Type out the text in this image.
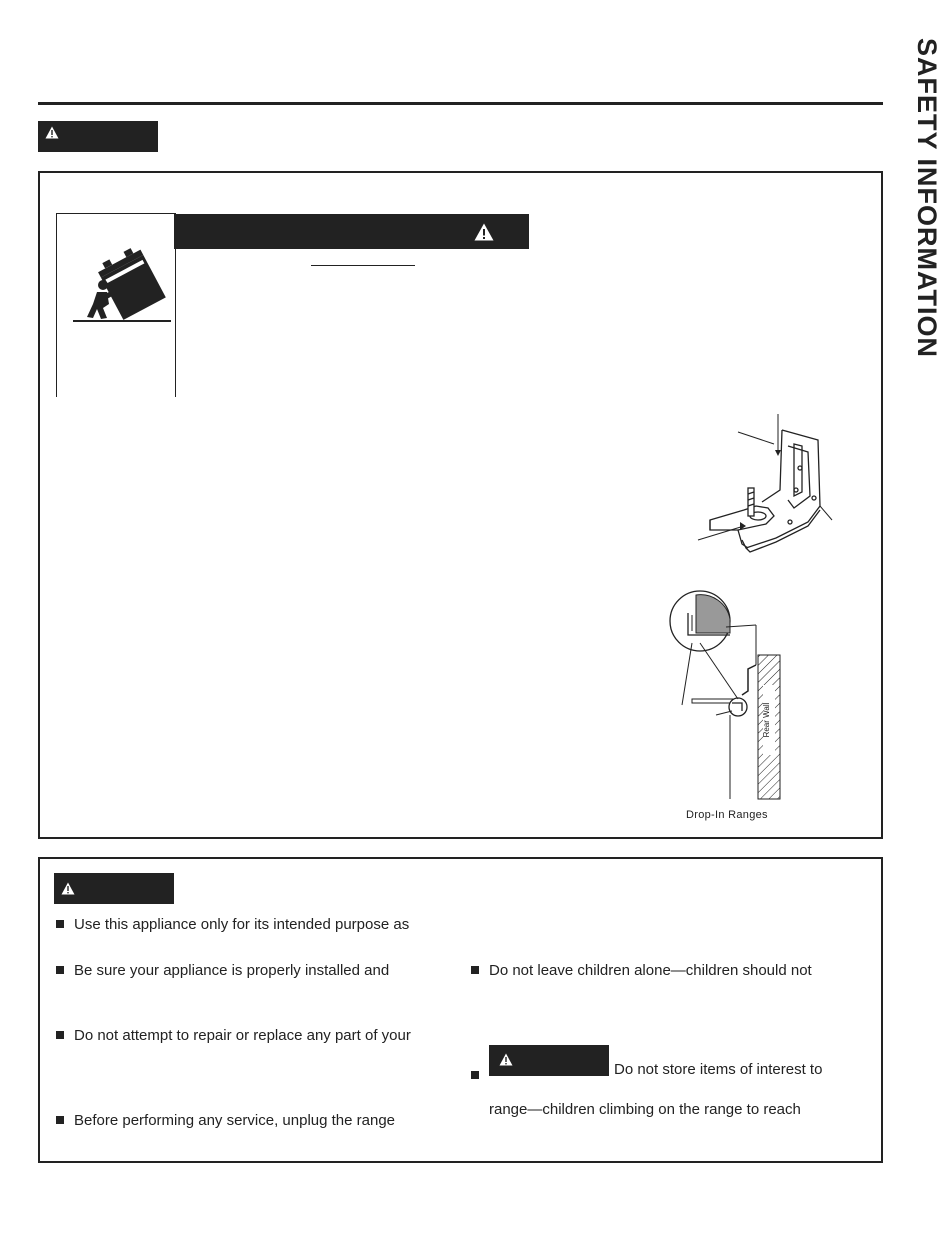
SAFETY INFORMATION
Rear Wall
Drop-In Ranges
Use this appliance only for its intended purpose as
Be sure your appliance is properly installed and
Do not attempt to repair or replace any part of your
Before performing any service, unplug the range
Do not leave children alone—children should not
Do not store items of interest to
range—children climbing on the range to reach
